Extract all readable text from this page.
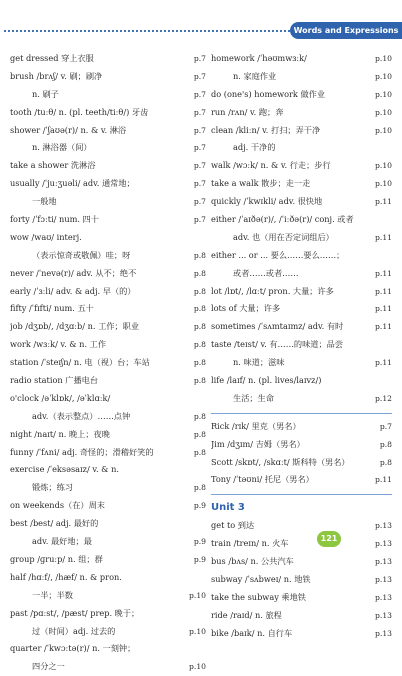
Words and Expressions in Each Unit
get dressed 穿上衣服	p.7
brush /brʌʃ/ v. 刷；刷净	p.7
n. 刷子	p.7
tooth /tuːθ/ n. (pl. teeth/tiːθ/) 牙齿	p.7
shower /ˈʃaʊə(r)/ n. & v. 淋浴	p.7
n. 淋浴器（间）	p.7
take a shower 洗淋浴	p.7
usually /ˈjuːʒuəli/ adv. 通常地；	p.7
一般地	p.7
forty /ˈfɔːti/ num. 四十	p.7
wow /waʊ/ interj.
（表示惊奇或敬佩）哇；呀	p.8
never /ˈnevə(r)/ adv. 从不；绝不	p.8
early /ˈɜːli/ adv. & adj. 早（的）	p.8
fifty /ˈfɪfti/ num. 五十	p.8
job /dʒɒb/, /dʒɑːb/ n. 工作；职业	p.8
work /wɜːk/ v. & n. 工作	p.8
station /ˈsteɪʃn/ n. 电（视）台；车站	p.8
radio station 广播电台	p.8
o'clock /əˈklɒk/, /əˈklɑːk/
adv.（表示整点）……点钟	p.8
night /naɪt/ n. 晚上；夜晚	p.8
funny /ˈfʌni/ adj. 奇怪的；滑稽好笑的	p.8
exercise /ˈeksəsaɪz/ v. & n.
锻炼；练习	p.8
on weekends（在）周末	p.9
best /best/ adj. 最好的
adv. 最好地；最	p.9
group /ɡruːp/ n. 组；群	p.9
half /hɑːf/, /hæf/ n. & pron.
一半；半数	p.10
past /pɑːst/, /pæst/ prep. 晚于；
过（时间）adj. 过去的	p.10
quarter /ˈkwɔːtə(r)/ n. 一刻钟；
四分之一	p.10
homework /ˈhəʊmwɜːk/	p.10
n. 家庭作业	p.10
do (one's) homework 做作业	p.10
run /rʌn/ v. 跑；奔	p.10
clean /kliːn/ v. 打扫；弄干净	p.10
adj. 干净的
walk /wɔːk/ n. & v. 行走；步行	p.10
take a walk 散步；走一走	p.10
quickly /ˈkwɪkli/ adv. 很快地	p.11
either /ˈaɪðə(r)/, /ˈiːðə(r)/ conj. 或者
adv. 也（用在否定词组后）	p.11
either ... or ... 要么……要么……；
或者……或者……	p.11
lot /lɒt/, /lɑːt/ pron. 大量；许多	p.11
lots of 大量；许多	p.11
sometimes /ˈsʌmtaɪmz/ adv. 有时	p.11
taste /teɪst/ v. 有……的味道；品尝
n. 味道；滋味	p.11
life /laɪf/ n. (pl. lives/laɪvz/)
生活；生命	p.12
Rick /rɪk/ 里克（男名）	p.7
Jim /dʒɪm/ 吉姆（男名）	p.8
Scott /skɒt/, /skɑːt/ 斯科特（男名）	p.8
Tony /ˈtəʊni/ 托尼（男名）	p.11
Unit 3
get to 到达	p.13
train /treɪn/ n. 火车	p.13
bus /bʌs/ n. 公共汽车	p.13
subway /ˈsʌbweɪ/ n. 地铁	p.13
take the subway 乘地铁	p.13
ride /raɪd/ n. 旅程	p.13
bike /baɪk/ n. 自行车	p.13
121
